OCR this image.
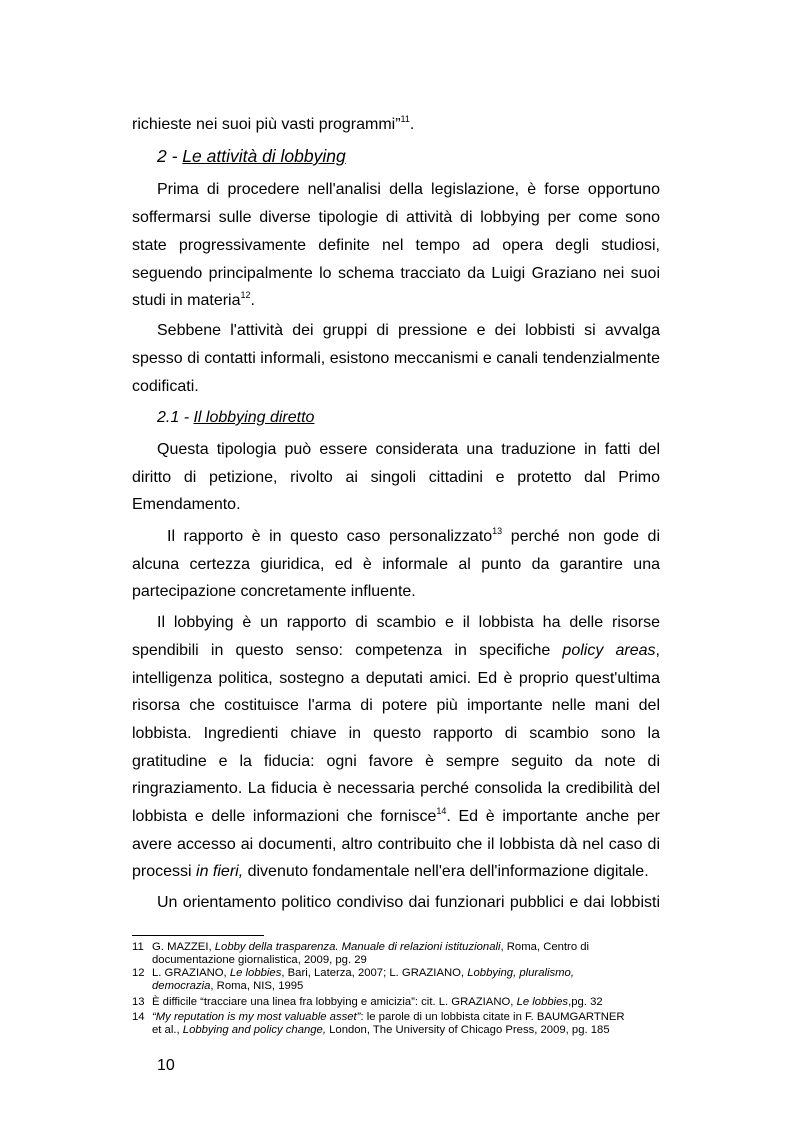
richieste nei suoi più vasti programmi”$^{11}$.
2 - Le attività di lobbying
Prima di procedere nell'analisi della legislazione, è forse opportuno
soffermarsi sulle diverse tipologie di attività di lobbying per come sono
state progressivamente definite nel tempo ad opera degli studiosi,
seguendo principalmente lo schema tracciato da Luigi Graziano nei suoi
studi in materia$^{12}$.
Sebbene l'attività dei gruppi di pressione e dei lobbisti si avvalga
spesso di contatti informali, esistono meccanismi e canali tendenzialmente
codificati.
2.1 - Il lobbying diretto
Questa tipologia può essere considerata una traduzione in fatti del
diritto di petizione, rivolto ai singoli cittadini e protetto dal Primo
Emendamento.
Il rapporto è in questo caso personalizzato$^{13}$ perché non gode di
alcuna certezza giuridica, ed è informale al punto da garantire una
partecipazione concretamente influente.
Il lobbying è un rapporto di scambio e il lobbista ha delle risorse
spendibili in questo senso: competenza in specifiche policy areas,
intelligenza politica, sostegno a deputati amici. Ed è proprio quest'ultima
risorsa che costituisce l'arma di potere più importante nelle mani del
lobbista. Ingredienti chiave in questo rapporto di scambio sono la
gratitudine e la fiducia: ogni favore è sempre seguito da note di
ringraziamento. La fiducia è necessaria perché consolida la credibilità del
lobbista e delle informazioni che fornisce$^{14}$. Ed è importante anche per
avere accesso ai documenti, altro contribuito che il lobbista dà nel caso di
processi in fieri, divenuto fondamentale nell'era dell'informazione digitale.
Un orientamento politico condiviso dai funzionari pubblici e dai lobbisti
11 G. MAZZEI, Lobby della trasparenza. Manuale di relazioni istituzionali, Roma, Centro di
documentazione giornalistica, 2009, pg. 29
12 L. GRAZIANO, Le lobbies, Bari, Laterza, 2007; L. GRAZIANO, Lobbying, pluralismo,
democrazia, Roma, NIS, 1995
13 È difficile “tracciare una linea fra lobbying e amicizia”: cit. L. GRAZIANO, Le lobbies,pg. 32
14 “My reputation is my most valuable asset”: le parole di un lobbista citate in F. BAUMGARTNER
et al., Lobbying and policy change, London, The University of Chicago Press, 2009, pg. 185
10
